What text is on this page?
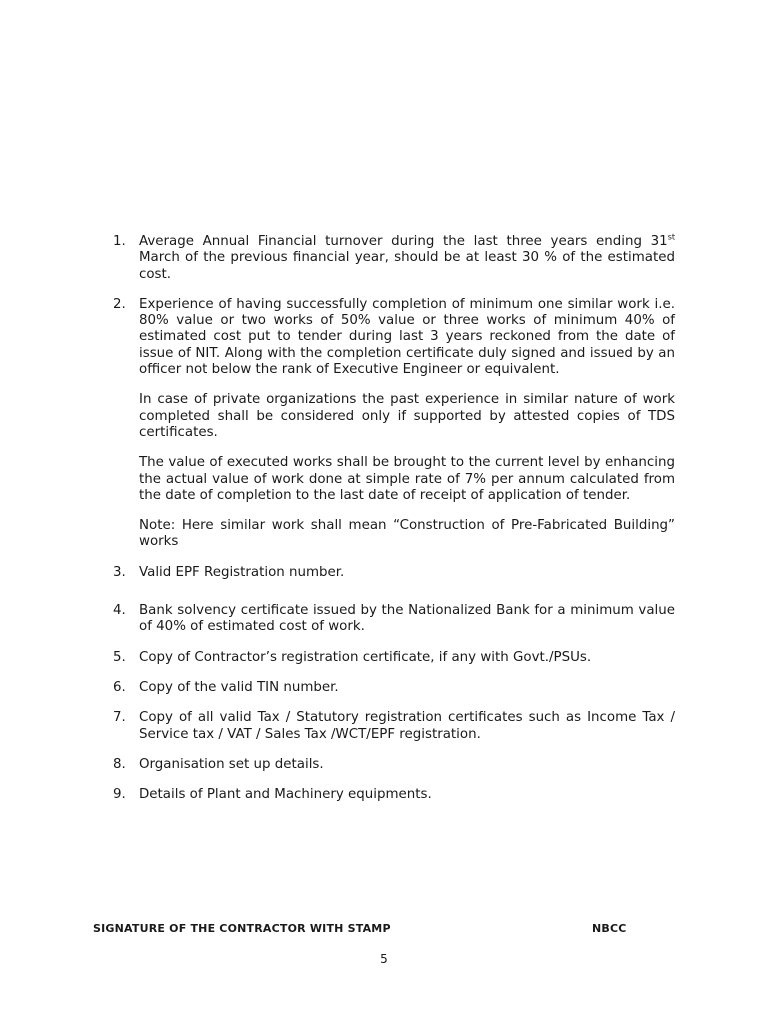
1. Average Annual Financial turnover during the last three years ending 31st March of the previous financial year, should be at least 30 % of the estimated cost.

2. Experience of having successfully completion of minimum one similar work i.e. 80% value or two works of 50% value or three works of minimum 40% of estimated cost put to tender during last 3 years reckoned from the date of issue of NIT. Along with the completion certificate duly signed and issued by an officer not below the rank of Executive Engineer or equivalent.

In case of private organizations the past experience in similar nature of work completed shall be considered only if supported by attested copies of TDS certificates.

The value of executed works shall be brought to the current level by enhancing the actual value of work done at simple rate of 7% per annum calculated from the date of completion to the last date of receipt of application of tender.

Note: Here similar work shall mean “Construction of Pre-Fabricated Building” works

3. Valid EPF Registration number.

4. Bank solvency certificate issued by the Nationalized Bank for a minimum value of 40% of estimated cost of work.

5. Copy of Contractor’s registration certificate, if any with Govt./PSUs.

6. Copy of the valid TIN number.

7. Copy of all valid Tax / Statutory registration certificates such as Income Tax / Service tax / VAT / Sales Tax /WCT/EPF registration.

8. Organisation set up details.

9. Details of Plant and Machinery equipments.

SIGNATURE OF THE CONTRACTOR WITH STAMP	NBCC
5
